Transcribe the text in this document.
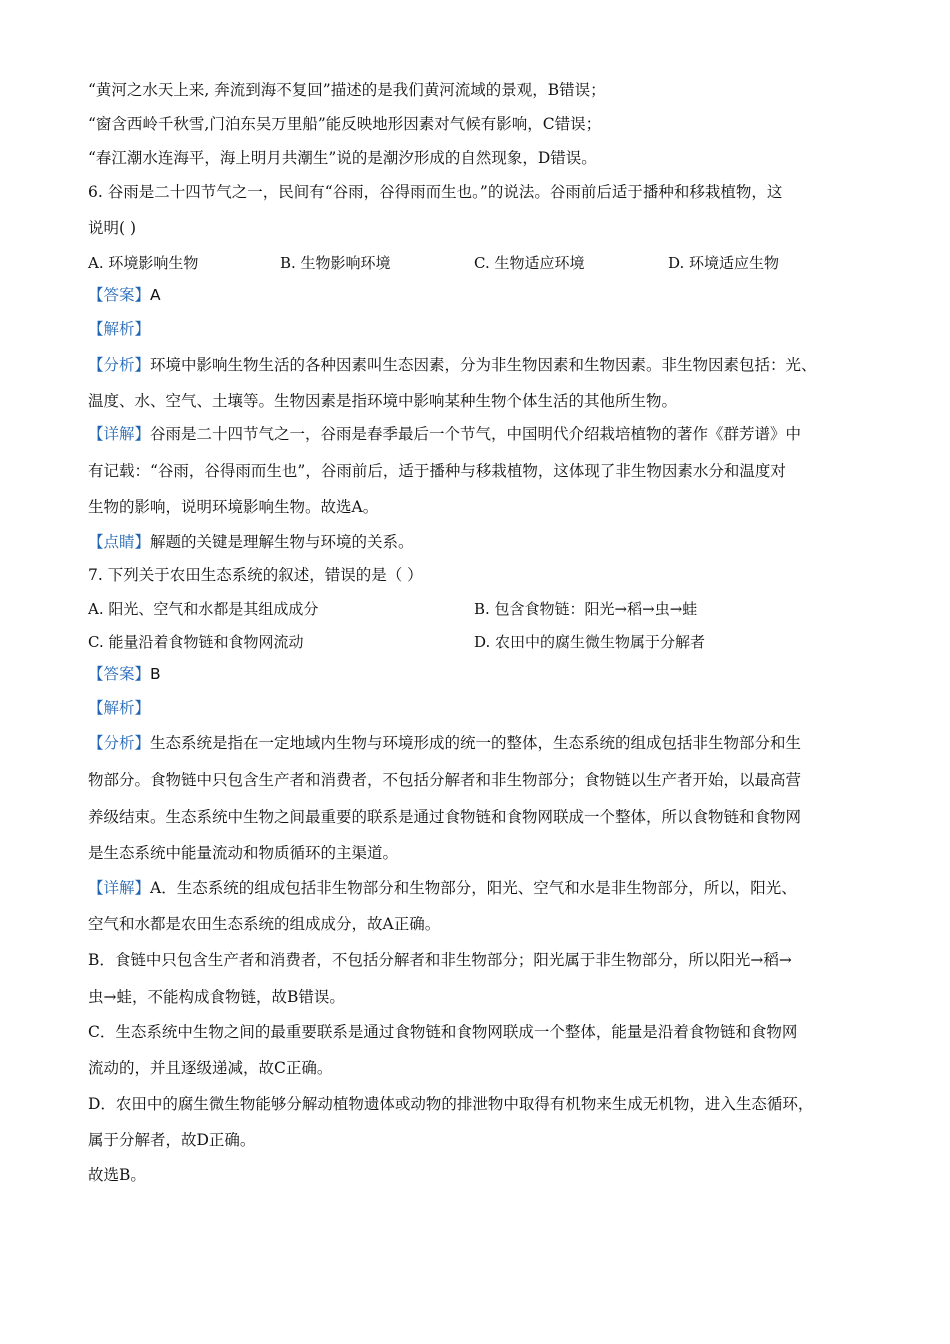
“黄河之水天上来, 奔流到海不复回”描述的是我们黄河流域的景观，B错误；
“窗含西岭千秋雪,门泊东吴万里船”能反映地形因素对气候有影响，C错误；
“春江潮水连海平，海上明月共潮生”说的是潮汐形成的自然现象，D错误。
6. 谷雨是二十四节气之一，民间有“谷雨，谷得雨而生也。”的说法。谷雨前后适于播种和移栽植物，这
说明( )
A. 环境影响生物	B. 生物影响环境	C. 生物适应环境	D. 环境适应生物
【答案】A
【解析】
【分析】环境中影响生物生活的各种因素叫生态因素，分为非生物因素和生物因素。非生物因素包括：光、
温度、水、空气、土壤等。生物因素是指环境中影响某种生物个体生活的其他所生物。
【详解】谷雨是二十四节气之一，谷雨是春季最后一个节气，中国明代介绍栽培植物的著作《群芳谱》中
有记载：“谷雨，谷得雨而生也”，谷雨前后，适于播种与移栽植物，这体现了非生物因素水分和温度对
生物的影响，说明环境影响生物。故选A。
【点睛】解题的关键是理解生物与环境的关系。
7. 下列关于农田生态系统的叙述，错误的是（ ）
A. 阳光、空气和水都是其组成成分	B. 包含食物链：阳光→稻→虫→蛙
C. 能量沿着食物链和食物网流动	D. 农田中的腐生微生物属于分解者
【答案】B
【解析】
【分析】生态系统是指在一定地域内生物与环境形成的统一的整体，生态系统的组成包括非生物部分和生
物部分。食物链中只包含生产者和消费者，不包括分解者和非生物部分；食物链以生产者开始，以最高营
养级结束。生态系统中生物之间最重要的联系是通过食物链和食物网联成一个整体，所以食物链和食物网
是生态系统中能量流动和物质循环的主渠道。
【详解】A．生态系统的组成包括非生物部分和生物部分，阳光、空气和水是非生物部分，所以，阳光、
空气和水都是农田生态系统的组成成分，故A正确。
B．食链中只包含生产者和消费者，不包括分解者和非生物部分；阳光属于非生物部分，所以阳光→稻→
虫→蛙，不能构成食物链，故B错误。
C．生态系统中生物之间的最重要联系是通过食物链和食物网联成一个整体，能量是沿着食物链和食物网
流动的，并且逐级递减，故C正确。
D．农田中的腐生微生物能够分解动植物遗体或动物的排泄物中取得有机物来生成无机物，进入生态循环，
属于分解者，故D正确。
故选B。
